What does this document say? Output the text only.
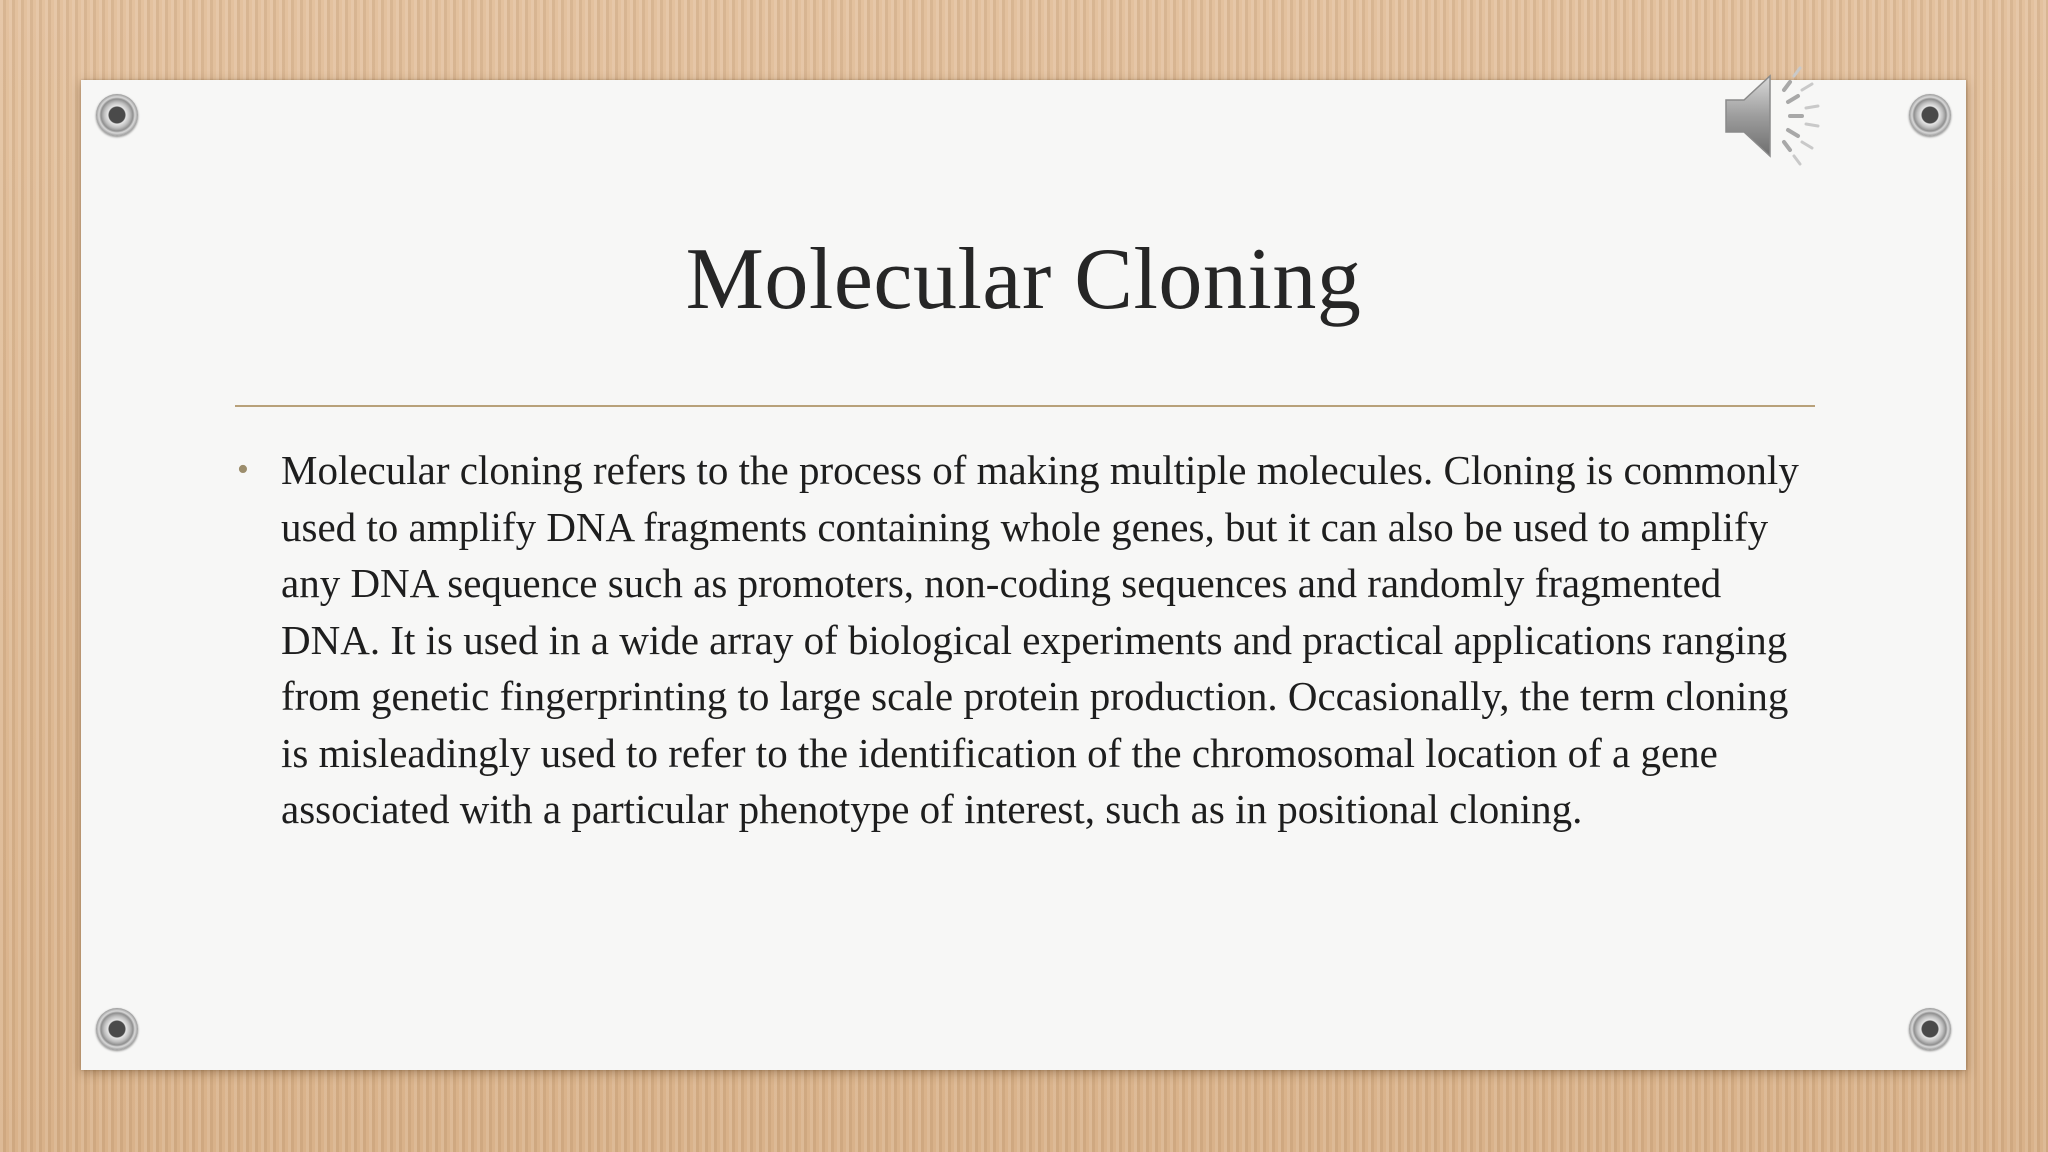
Molecular Cloning
• Molecular cloning refers to the process of making multiple molecules. Cloning is commonly used to amplify DNA fragments containing whole genes, but it can also be used to amplify any DNA sequence such as promoters, non-coding sequences and randomly fragmented DNA. It is used in a wide array of biological experiments and practical applications ranging from genetic fingerprinting to large scale protein production. Occasionally, the term cloning is misleadingly used to refer to the identification of the chromosomal location of a gene associated with a particular phenotype of interest, such as in positional cloning.
